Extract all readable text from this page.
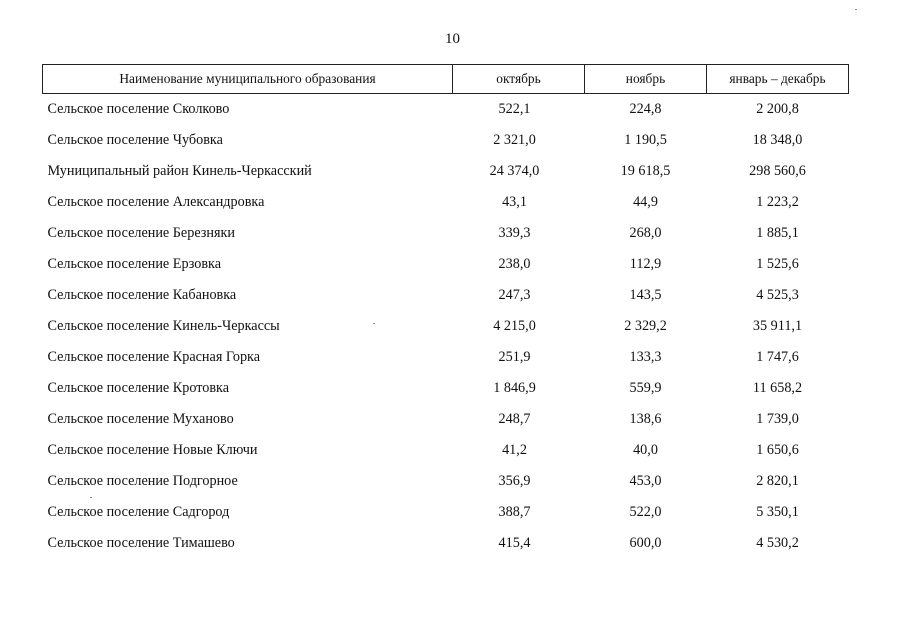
10
Наименование муниципального образования	октябрь	ноябрь	январь – декабрь
Сельское поселение Сколково	522,1	224,8	2 200,8
Сельское поселение Чубовка	2 321,0	1 190,5	18 348,0
Муниципальный район Кинель-Черкасский	24 374,0	19 618,5	298 560,6
Сельское поселение Александровка	43,1	44,9	1 223,2
Сельское поселение Березняки	339,3	268,0	1 885,1
Сельское поселение Ерзовка	238,0	112,9	1 525,6
Сельское поселение Кабановка	247,3	143,5	4 525,3
Сельское поселение Кинель-Черкассы	4 215,0	2 329,2	35 911,1
Сельское поселение Красная Горка	251,9	133,3	1 747,6
Сельское поселение Кротовка	1 846,9	559,9	11 658,2
Сельское поселение Муханово	248,7	138,6	1 739,0
Сельское поселение Новые Ключи	41,2	40,0	1 650,6
Сельское поселение Подгорное	356,9	453,0	2 820,1
Сельское поселение Садгород	388,7	522,0	5 350,1
Сельское поселение Тимашево	415,4	600,0	4 530,2
